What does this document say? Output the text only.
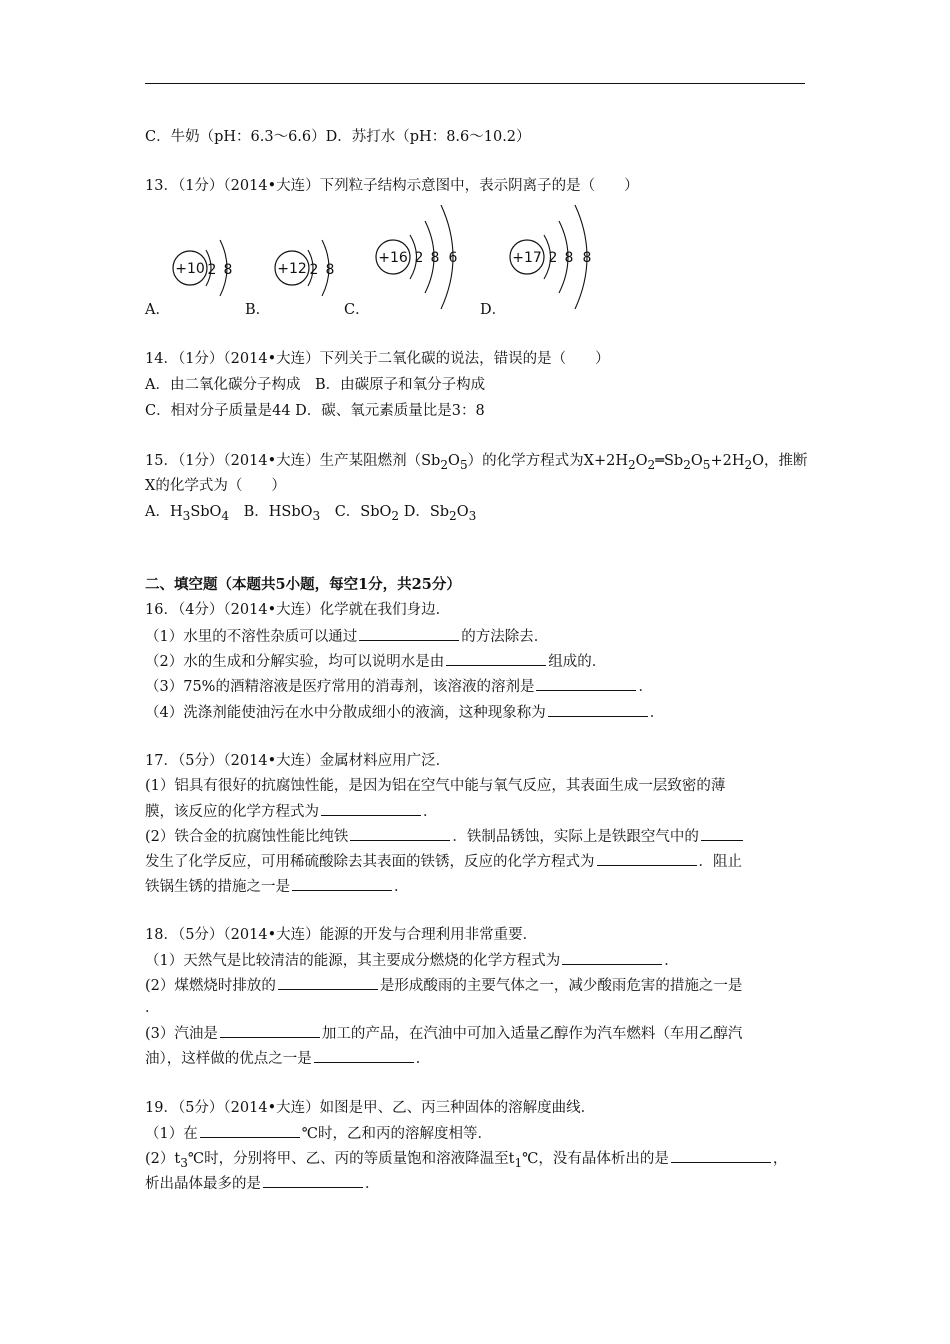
C．牛奶（pH：6.3～6.6）D．苏打水（pH：8.6～10.2）
13．（1分）（2014•大连）下列粒子结构示意图中，表示阴离子的是（　　）
+10 2 8
A．
+12 2 8
B．
+16 2 8 6
C．
+17 2 8 8
D．
14．（1分）（2014•大连）下列关于二氧化碳的说法，错误的是（　　）
A．由二氧化碳分子构成　B．由碳原子和氧分子构成
C．相对分子质量是44 D．碳、氧元素质量比是3：8
15．（1分）（2014•大连）生产某阻燃剂$(Sb_2O_5)$的化学方程式为$X+2H_2O_2═Sb_2O_5+2H_2O$，推断
X的化学式为（　　）
A．$H_3SbO_4$　B．HSbO$_3$　C．SbO$_2$ D．$Sb_2O_3$
二、填空题（本题共5小题，每空1分，共25分）
16．（4分）（2014•大连）化学就在我们身边．
（1）水里的不溶性杂质可以通过	的方法除去．
（2）水的生成和分解实验，均可以说明水是由	组成的．
（3）75%的酒精溶液是医疗常用的消毒剂，该溶液的溶剂是	．
（4）洗涤剂能使油污在水中分散成细小的液滴，这种现象称为	．
17．（5分）（2014•大连）金属材料应用广泛．
(1）铝具有很好的抗腐蚀性能，是因为铝在空气中能与氧气反应，其表面生成一层致密的薄
膜，该反应的化学方程式为	．
(2）铁合金的抗腐蚀性能比纯铁	．铁制品锈蚀，实际上是铁跟空气中的
发生了化学反应，可用稀硫酸除去其表面的铁锈，反应的化学方程式为	．阻止
铁锅生锈的措施之一是	．
18．（5分）（2014•大连）能源的开发与合理利用非常重要．
（1）天然气是比较清洁的能源，其主要成分燃烧的化学方程式为	．
(2）煤燃烧时排放的	是形成酸雨的主要气体之一，减少酸雨危害的措施之一是
．
(3）汽油是	加工的产品，在汽油中可加入适量乙醇作为汽车燃料（车用乙醇汽
油），这样做的优点之一是	．
19．（5分）（2014•大连）如图是甲、乙、丙三种固体的溶解度曲线．
（1）在	℃时，乙和丙的溶解度相等．
$(2)t_3℃$时，分别将甲、乙、丙的等质量饱和溶液降温至$t_1℃$，没有晶体析出的是	，
析出晶体最多的是	．
